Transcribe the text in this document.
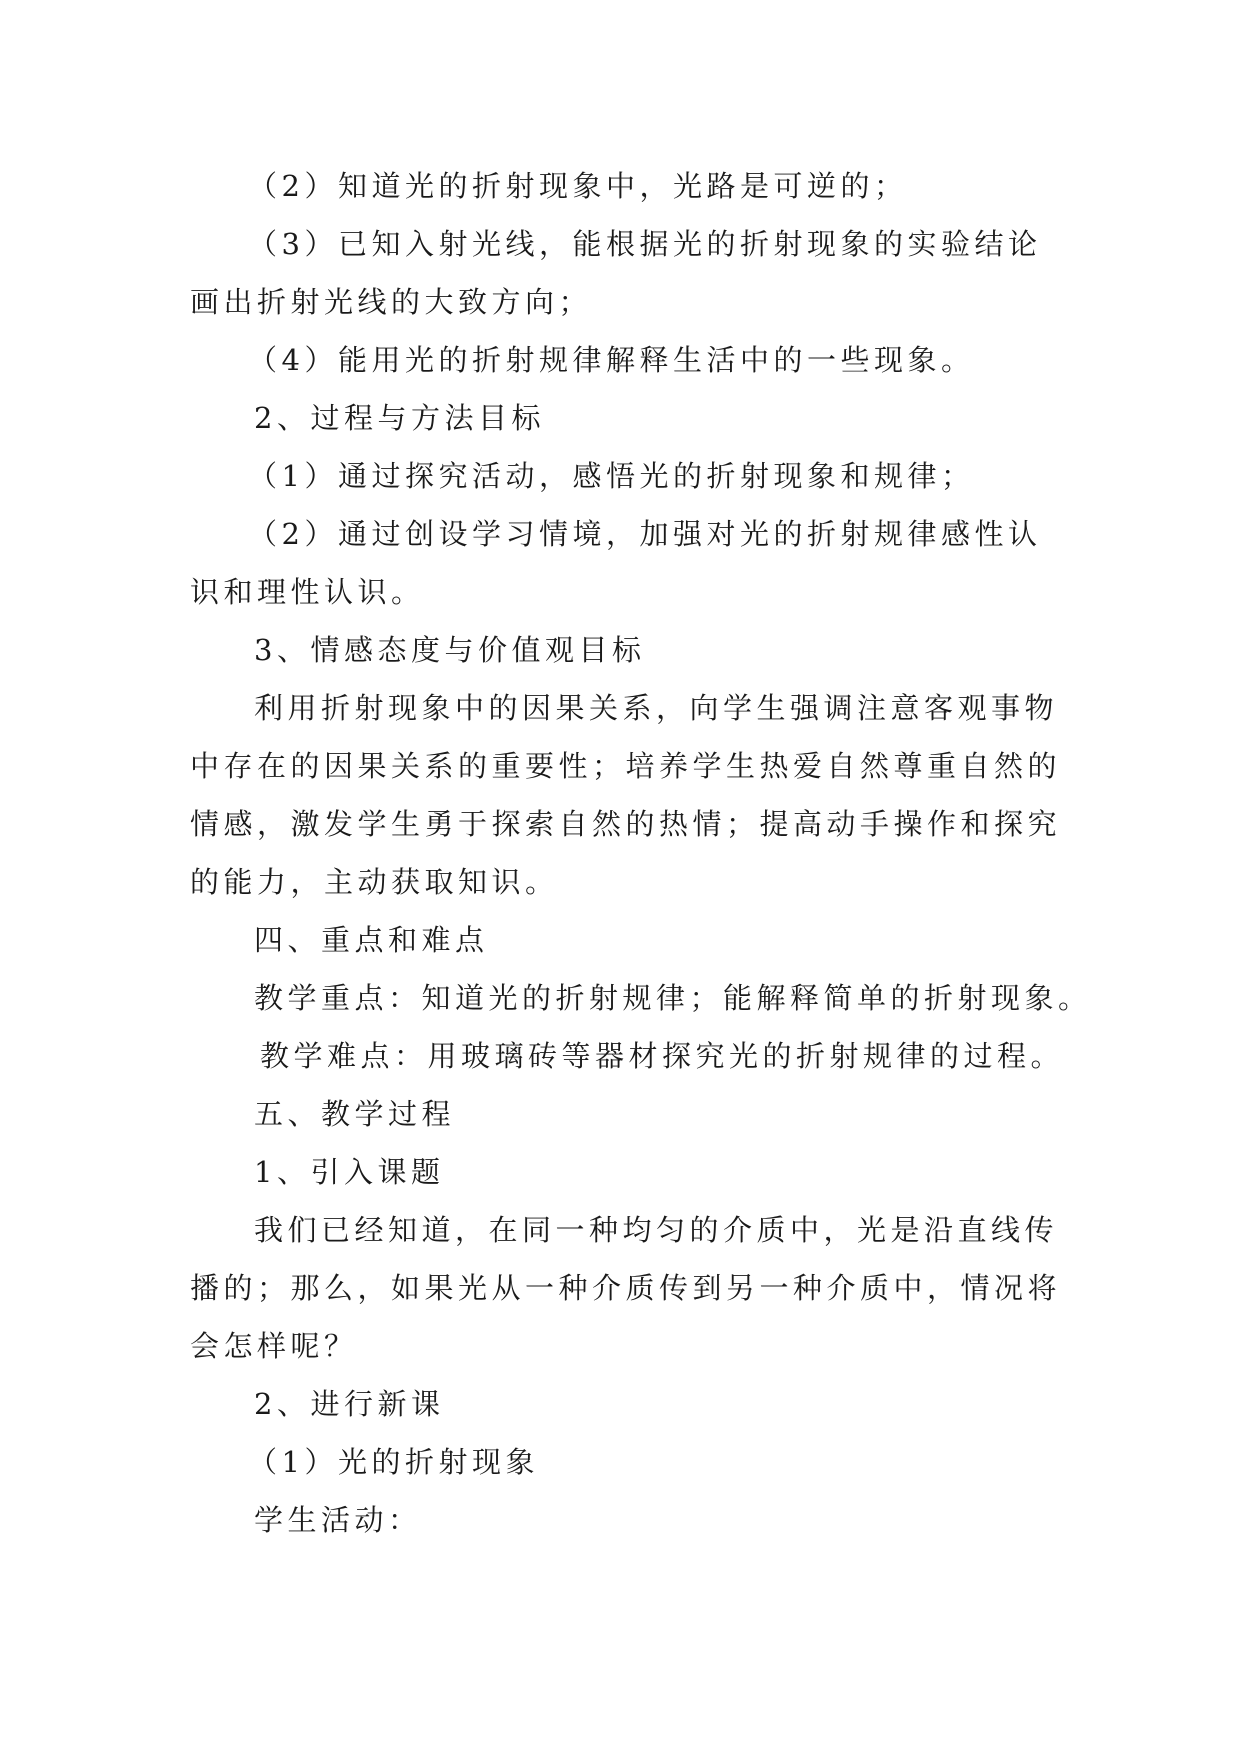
（2）知道光的折射现象中，光路是可逆的；
（3）已知入射光线，能根据光的折射现象的实验结论
画出折射光线的大致方向；
（4）能用光的折射规律解释生活中的一些现象。
2、过程与方法目标
（1）通过探究活动，感悟光的折射现象和规律；
（2）通过创设学习情境，加强对光的折射规律感性认
识和理性认识。
3、情感态度与价值观目标
利用折射现象中的因果关系，向学生强调注意客观事物
中存在的因果关系的重要性；培养学生热爱自然尊重自然的
情感，激发学生勇于探索自然的热情；提高动手操作和探究
的能力，主动获取知识。
四、重点和难点
教学重点：知道光的折射规律；能解释简单的折射现象。
教学难点：用玻璃砖等器材探究光的折射规律的过程。
五、教学过程
1、引入课题
我们已经知道，在同一种均匀的介质中，光是沿直线传
播的；那么，如果光从一种介质传到另一种介质中，情况将
会怎样呢？
2、进行新课
（1）光的折射现象
学生活动：
